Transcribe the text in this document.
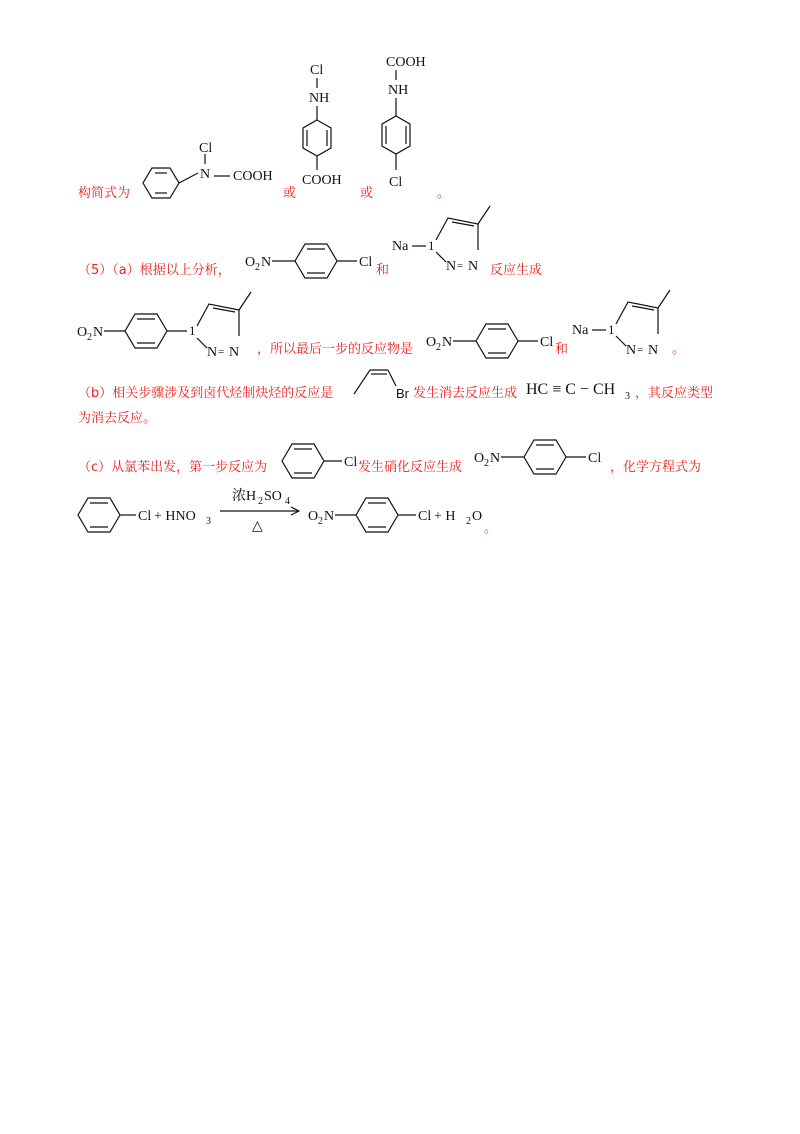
构简式为
N
Cl
COOH
Cl
NH
COOH
或
COOH
NH
Cl
或	。
（5）（a）根据以上分析，
O 2 N	Cl
和
Na 1
N = N 反应生成
O 2 N	1
N = N ，所以最后一步的反应物是 O 2 N	Cl 和
Na 1
N = N 。
（b）相关步骤涉及到卤代烃制炔烃的反应是	Br 发生消去反应生成 HC ≡ C − CH 3 ，其反应类型
为消去反应。
（c）从氯苯出发，第一步反应为	Cl 发生硝化反应生成
O 2 N	Cl
，化学方程式为
Cl + HNO 3
浓H 2 SO 4
△
O 2 N	Cl + H 2 O
。
